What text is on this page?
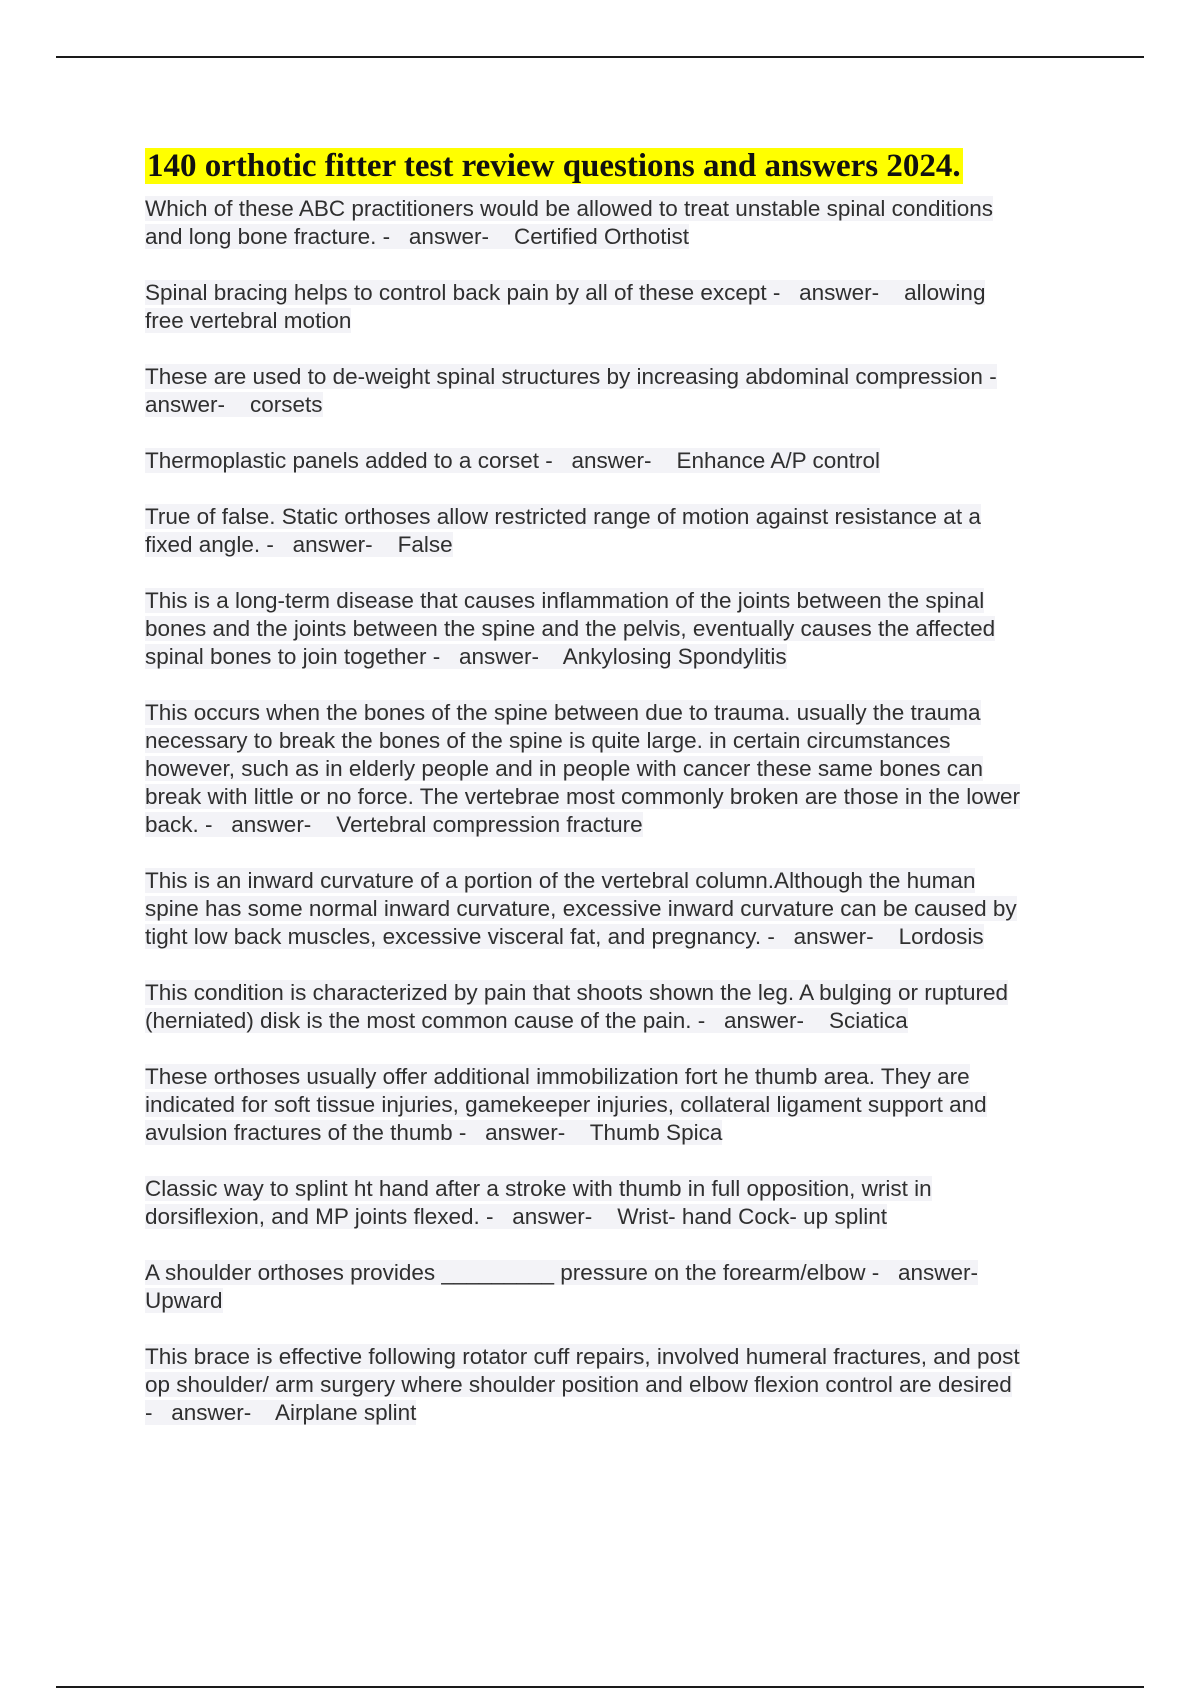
140 orthotic fitter test review questions and answers 2024.

Which of these ABC practitioners would be allowed to treat unstable spinal conditions
and long bone fracture. -   answer-    Certified Orthotist

Spinal bracing helps to control back pain by all of these except -   answer-    allowing
free vertebral motion

These are used to de-weight spinal structures by increasing abdominal compression -
answer-    corsets

Thermoplastic panels added to a corset -   answer-    Enhance A/P control

True of false. Static orthoses allow restricted range of motion against resistance at a
fixed angle. -   answer-    False

This is a long-term disease that causes inflammation of the joints between the spinal
bones and the joints between the spine and the pelvis, eventually causes the affected
spinal bones to join together -   answer-    Ankylosing Spondylitis

This occurs when the bones of the spine between due to trauma. usually the trauma
necessary to break the bones of the spine is quite large. in certain circumstances
however, such as in elderly people and in people with cancer these same bones can
break with little or no force. The vertebrae most commonly broken are those in the lower
back. -   answer-    Vertebral compression fracture

This is an inward curvature of a portion of the vertebral column.Although the human
spine has some normal inward curvature, excessive inward curvature can be caused by
tight low back muscles, excessive visceral fat, and pregnancy. -   answer-    Lordosis

This condition is characterized by pain that shoots shown the leg. A bulging or ruptured
(herniated) disk is the most common cause of the pain. -   answer-    Sciatica

These orthoses usually offer additional immobilization fort he thumb area. They are
indicated for soft tissue injuries, gamekeeper injuries, collateral ligament support and
avulsion fractures of the thumb -   answer-    Thumb Spica

Classic way to splint ht hand after a stroke with thumb in full opposition, wrist in
dorsiflexion, and MP joints flexed. -   answer-    Wrist- hand Cock- up splint

A shoulder orthoses provides _________ pressure on the forearm/elbow -   answer-
Upward

This brace is effective following rotator cuff repairs, involved humeral fractures, and post
op shoulder/ arm surgery where shoulder position and elbow flexion control are desired
-   answer-    Airplane splint
